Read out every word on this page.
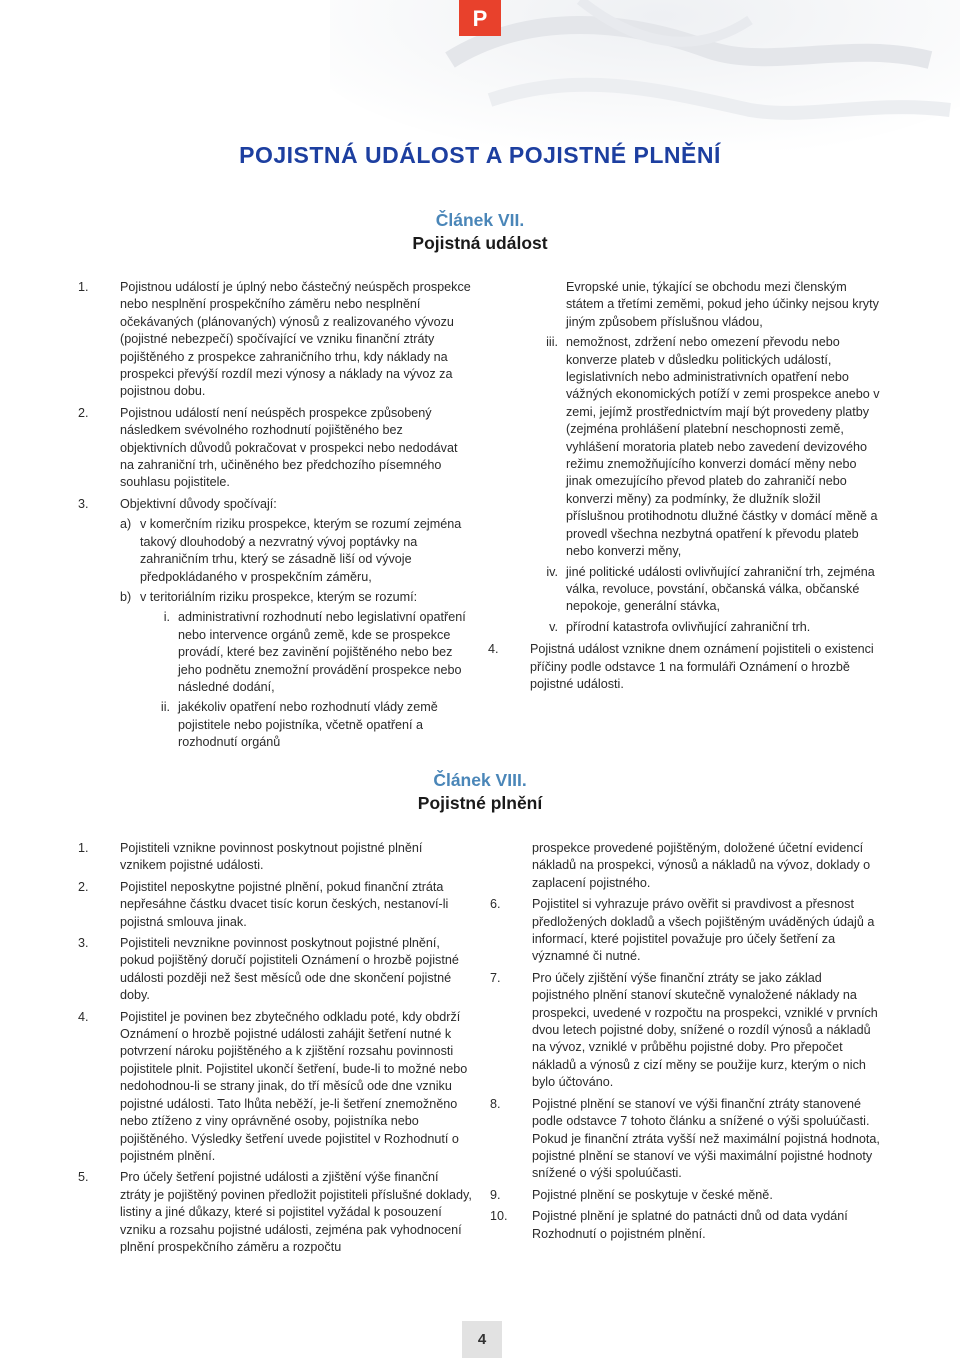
P
POJISTNÁ UDÁLOST A POJISTNÉ PLNĚNÍ
Článek VII.
Pojistná událost
1. Pojistnou událostí je úplný nebo částečný neúspěch prospekce nebo nesplnění prospekčního záměru nebo nesplnění očekávaných (plánovaných) výnosů z realizovaného vývozu (pojistné nebezpečí) spočívající ve vzniku finanční ztráty pojištěného z prospekce zahraničního trhu, kdy náklady na prospekci převýší rozdíl mezi výnosy a náklady na vývoz za pojistnou dobu.
2. Pojistnou událostí není neúspěch prospekce způsobený následkem svévolného rozhodnutí pojištěného bez objektivních důvodů pokračovat v prospekci nebo nedodávat na zahraniční trh, učiněného bez předchozího písemného souhlasu pojistitele.
3. Objektivní důvody spočívají:
a) v komerčním riziku prospekce, kterým se rozumí zejména takový dlouhodobý a nezvratný vývoj poptávky na zahraničním trhu, který se zásadně liší od vývoje předpokládaného v prospekčním záměru,
b) v teritoriálním riziku prospekce, kterým se rozumí:
i. administrativní rozhodnutí nebo legislativní opatření nebo intervence orgánů země, kde se prospekce provádí, které bez zavinění pojištěného nebo bez jeho podnětu znemožní provádění prospekce nebo následné dodání,
ii. jakékoliv opatření nebo rozhodnutí vlády země pojistitele nebo pojistníka, včetně opatření a rozhodnutí orgánů
Evropské unie, týkající se obchodu mezi členským státem a třetími zeměmi, pokud jeho účinky nejsou kryty jiným způsobem příslušnou vládou,
iii. nemožnost, zdržení nebo omezení převodu nebo konverze plateb v důsledku politických událostí, legislativních nebo administrativních opatření nebo vážných ekonomických potíží v zemi prospekce anebo v zemi, jejímž prostřednictvím mají být provedeny platby (zejména prohlášení platební neschopnosti země, vyhlášení moratoria plateb nebo zavedení devizového režimu znemožňujícího konverzi domácí měny nebo jinak omezujícího převod plateb do zahraničí nebo konverzi měny) za podmínky, že dlužník složil příslušnou protihodnotu dlužné částky v domácí měně a provedl všechna nezbytná opatření k převodu plateb nebo konverzi měny,
iv. jiné politické události ovlivňující zahraniční trh, zejména válka, revoluce, povstání, občanská válka, občanské nepokoje, generální stávka,
v. přírodní katastrofa ovlivňující zahraniční trh.
4. Pojistná událost vznikne dnem oznámení pojistiteli o existenci příčiny podle odstavce 1 na formuláři Oznámení o hrozbě pojistné události.
Článek VIII.
Pojistné plnění
1. Pojistiteli vznikne povinnost poskytnout pojistné plnění vznikem pojistné události.
2. Pojistitel neposkytne pojistné plnění, pokud finanční ztráta nepřesáhne částku dvacet tisíc korun českých, nestanoví-li pojistná smlouva jinak.
3. Pojistiteli nevznikne povinnost poskytnout pojistné plnění, pokud pojištěný doručí pojistiteli Oznámení o hrozbě pojistné události později než šest měsíců ode dne skončení pojistné doby.
4. Pojistitel je povinen bez zbytečného odkladu poté, kdy obdrží Oznámení o hrozbě pojistné události zahájit šetření nutné k potvrzení nároku pojištěného a k zjištění rozsahu povinnosti pojistitele plnit. Pojistitel ukončí šetření, bude-li to možné nebo nedohodnou-li se strany jinak, do tří měsíců ode dne vzniku pojistné události. Tato lhůta neběží, je-li šetření znemožněno nebo ztíženo z viny oprávněné osoby, pojistníka nebo pojištěného. Výsledky šetření uvede pojistitel v Rozhodnutí o pojistném plnění.
5. Pro účely šetření pojistné události a zjištění výše finanční ztráty je pojištěný povinen předložit pojistiteli příslušné doklady, listiny a jiné důkazy, které si pojistitel vyžádal k posouzení vzniku a rozsahu pojistné události, zejména pak vyhodnocení plnění prospekčního záměru a rozpočtu
prospekce provedené pojištěným, doložené účetní evidencí nákladů na prospekci, výnosů a nákladů na vývoz, doklady o zaplacení pojistného.
6. Pojistitel si vyhrazuje právo ověřit si pravdivost a přesnost předložených dokladů a všech pojištěným uváděných údajů a informací, které pojistitel považuje pro účely šetření za významné či nutné.
7. Pro účely zjištění výše finanční ztráty se jako základ pojistného plnění stanoví skutečně vynaložené náklady na prospekci, uvedené v rozpočtu na prospekci, vzniklé v prvních dvou letech pojistné doby, snížené o rozdíl výnosů a nákladů na vývoz, vzniklé v průběhu pojistné doby. Pro přepočet nákladů a výnosů z cizí měny se použije kurz, kterým o nich bylo účtováno.
8. Pojistné plnění se stanoví ve výši finanční ztráty stanovené podle odstavce 7 tohoto článku a snížené o výši spoluúčasti. Pokud je finanční ztráta vyšší než maximální pojistná hodnota, pojistné plnění se stanoví ve výši maximální pojistné hodnoty snížené o výši spoluúčasti.
9. Pojistné plnění se poskytuje v české měně.
10. Pojistné plnění je splatné do patnácti dnů od data vydání Rozhodnutí o pojistném plnění.
4
